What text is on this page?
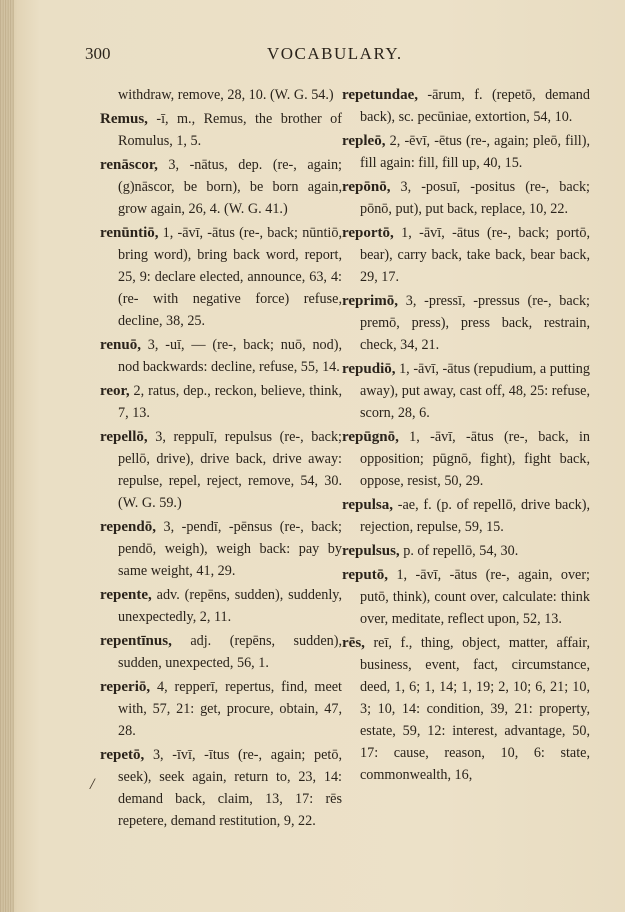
300	VOCABULARY.

withdraw, remove, 28, 10. (W. G. 54.)

Remus, -ī, m., Remus, the brother of Romulus, 1, 5.

renāscor, 3, -nātus, dep. (re-, again; (g)nāscor, be born), be born again, grow again, 26, 4. (W. G. 41.)

renūntiō, 1, -āvī, -ātus (re-, back; nūntiō, bring word), bring back word, report, 25, 9: declare elected, announce, 63, 4: (re- with negative force) refuse, decline, 38, 25.

renuō, 3, -uī, — (re-, back; nuō, nod), nod backwards: decline, refuse, 55, 14.

reor, 2, ratus, dep., reckon, believe, think, 7, 13.

repellō, 3, reppulī, repulsus (re-, back; pellō, drive), drive back, drive away: repulse, repel, reject, remove, 54, 30. (W. G. 59.)

rependō, 3, -pendī, -pēnsus (re-, back; pendō, weigh), weigh back: pay by same weight, 41, 29.

repente, adv. (repēns, sudden), suddenly, unexpectedly, 2, 11.

repentīnus, adj. (repēns, sudden), sudden, unexpected, 56, 1.

reperiō, 4, repperī, repertus, find, meet with, 57, 21: get, procure, obtain, 47, 28.

repetō, 3, -īvī, -ītus (re-, again; petō, seek), seek again, return to, 23, 14: demand back, claim, 13, 17: rēs repetere, demand restitution, 9, 22.

/

repetundae, -ārum, f. (repetō, demand back), sc. pecūniae, extortion, 54, 10.

repleō, 2, -ēvī, -ētus (re-, again; pleō, fill), fill again: fill, fill up, 40, 15.

repōnō, 3, -posuī, -positus (re-, back; pōnō, put), put back, replace, 10, 22.

reportō, 1, -āvī, -ātus (re-, back; portō, bear), carry back, take back, bear back, 29, 17.

reprimō, 3, -pressī, -pressus (re-, back; premō, press), press back, restrain, check, 34, 21.

repudiō, 1, -āvī, -ātus (repudium, a putting away), put away, cast off, 48, 25: refuse, scorn, 28, 6.

repūgnō, 1, -āvī, -ātus (re-, back, in opposition; pūgnō, fight), fight back, oppose, resist, 50, 29.

repulsa, -ae, f. (p. of repellō, drive back), rejection, repulse, 59, 15.

repulsus, p. of repellō, 54, 30.

reputō, 1, -āvī, -ātus (re-, again, over; putō, think), count over, calculate: think over, meditate, reflect upon, 52, 13.

rēs, reī, f., thing, object, matter, affair, business, event, fact, circumstance, deed, 1, 6; 1, 14; 1, 19; 2, 10; 6, 21; 10, 3; 10, 14: condition, 39, 21: property, estate, 59, 12: interest, advantage, 50, 17: cause, reason, 10, 6: state, commonwealth, 16,
